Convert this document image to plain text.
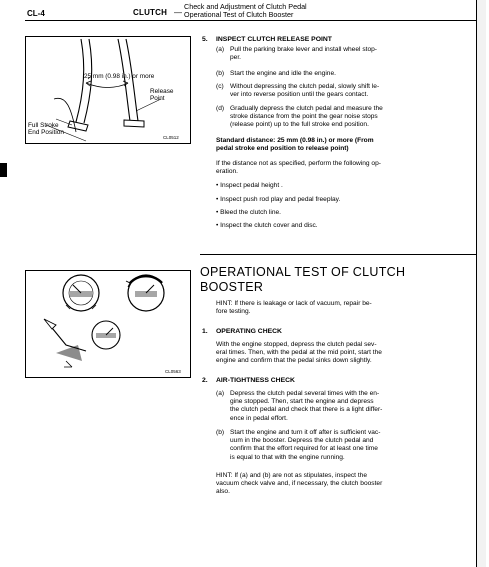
CL-4	CLUTCH —
Check and Adjustment of Clutch Pedal
Operational Test of Clutch Booster
25 mm (0.98 in.) or more
Release
Point
Full Stroke
End Position
CL0512
5. INSPECT CLUTCH RELEASE POINT
(a) Pull the parking brake lever and install wheel stop-
per.
(b) Start the engine and idle the engine.
(c) Without depressing the clutch pedal, slowly shift le-
ver into reverse position until the gears contact.
(d) Gradually depress the clutch pedal and measure the
stroke distance from the point the gear noise stops
(release point) up to the full stroke end position.
Standard distance: 25 mm (0.98 in.) or more (From
pedal stroke end position to release point)
If the distance not as specified, perform the following op-
eration.
• Inspect pedal height .
• Inspect push rod play and pedal freeplay.
• Bleed the clutch line.
• Inspect the clutch cover and disc.
CL0563
OPERATIONAL TEST OF CLUTCH
BOOSTER
HINT: If there is leakage or lack of vacuum, repair be-
fore testing.
1. OPERATING CHECK
With the engine stopped, depress the clutch pedal sev-
eral times. Then, with the pedal at the mid point, start the
engine and confirm that the pedal sinks down slightly.
2. AIR-TIGHTNESS CHECK
(a) Depress the clutch pedal several times with the en-
gine stopped. Then, start the engine and depress
the clutch pedal and check that there is a light differ-
ence in pedal effort.
(b) Start the engine and turn it off after is sufficient vac-
uum in the booster. Depress the clutch pedal and
confirm that the effort required for at least one time
is equal to that with the engine running.
HINT: If (a) and (b) are not as stipulates, inspect the
vacuum check valve and, if necessary, the clutch booster
also.
